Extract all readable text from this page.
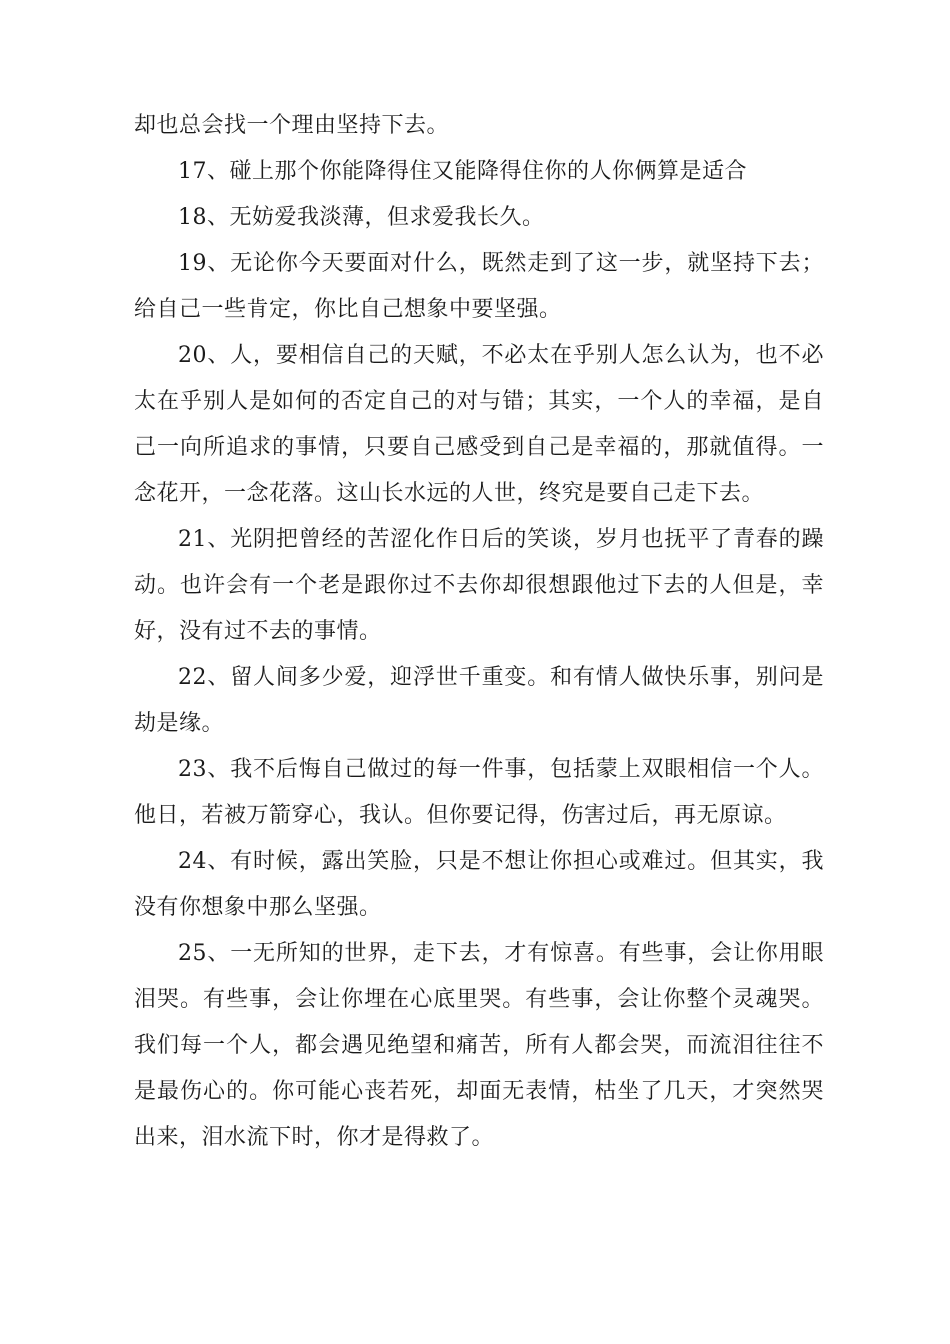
却也总会找一个理由坚持下去。

17、碰上那个你能降得住又能降得住你的人你俩算是适合

18、无妨爱我淡薄，但求爱我长久。

19、无论你今天要面对什么，既然走到了这一步，就坚持下去；给自己一些肯定，你比自己想象中要坚强。

20、人，要相信自己的天赋，不必太在乎别人怎么认为，也不必太在乎别人是如何的否定自己的对与错；其实，一个人的幸福，是自己一向所追求的事情，只要自己感受到自己是幸福的，那就值得。一念花开，一念花落。这山长水远的人世，终究是要自己走下去。

21、光阴把曾经的苦涩化作日后的笑谈，岁月也抚平了青春的躁动。也许会有一个老是跟你过不去你却很想跟他过下去的人但是，幸好，没有过不去的事情。

22、留人间多少爱，迎浮世千重变。和有情人做快乐事，别问是劫是缘。

23、我不后悔自己做过的每一件事，包括蒙上双眼相信一个人。他日，若被万箭穿心，我认。但你要记得，伤害过后，再无原谅。

24、有时候，露出笑脸，只是不想让你担心或难过。但其实，我没有你想象中那么坚强。

25、一无所知的世界，走下去，才有惊喜。有些事，会让你用眼泪哭。有些事，会让你埋在心底里哭。有些事，会让你整个灵魂哭。我们每一个人，都会遇见绝望和痛苦，所有人都会哭，而流泪往往不是最伤心的。你可能心丧若死，却面无表情，枯坐了几天，才突然哭出来，泪水流下时，你才是得救了。
